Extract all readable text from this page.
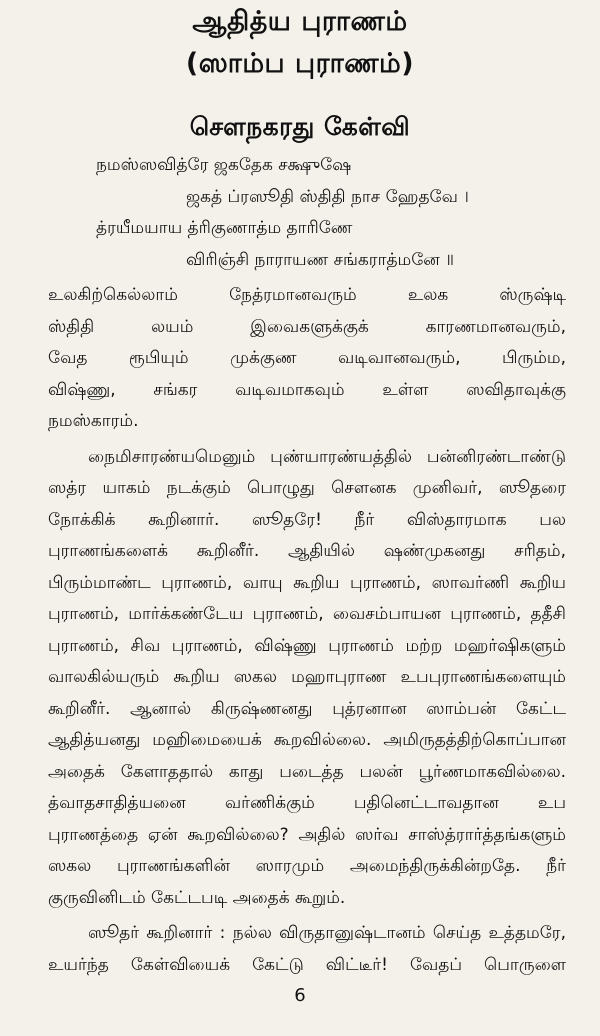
ஆதித்ய புராணம்
(ஸாம்ப புராணம்)
சௌநகரது கேள்வி
நமஸ்ஸவித்ரே ஜகதேக சக்ஷுஷே
ஜகத் ப்ரஸூதி ஸ்திதி நாச ஹேதவே ।
த்ரயீமயாய த்ரிகுணாத்ம தாரிணே
விரிஞ்சி நாராயண சங்கராத்மனே ॥
உலகிற்கெல்லாம் நேத்ரமானவரும் உலக ஸ்ருஷ்டி
ஸ்திதி லயம் இவைகளுக்குக் காரணமானவரும்,
வேத ரூபியும் முக்குண வடிவானவரும், பிரும்ம,
விஷ்ணு, சங்கர வடிவமாகவும் உள்ள ஸவிதாவுக்கு
நமஸ்காரம்.
நைமிசாரண்யமெனும் புண்யாரண்யத்தில் பன்னிரண்டாண்டு
ஸத்ர யாகம் நடக்கும் பொழுது சௌனக முனிவர், ஸூதரை
நோக்கிக் கூறினார். ஸூதரே! நீர் விஸ்தாரமாக பல
புராணங்களைக் கூறினீர். ஆதியில் ஷண்முகனது சரிதம்,
பிரும்மாண்ட புராணம், வாயு கூறிய புராணம், ஸாவர்ணி கூறிய
புராணம், மார்க்கண்டேய புராணம், வைசம்பாயன புராணம், ததீசி
புராணம், சிவ புராணம், விஷ்ணு புராணம் மற்ற மஹர்ஷிகளும்
வாலகில்யரும் கூறிய ஸகல மஹாபுராண உபபுராணங்களையும்
கூறினீர். ஆனால் கிருஷ்ணனது புத்ரனான ஸாம்பன் கேட்ட
ஆதித்யனது மஹிமையைக் கூறவில்லை. அமிருதத்திற்கொப்பான
அதைக் கேளாததால் காது படைத்த பலன் பூர்ணமாகவில்லை.
த்வாதசாதித்யனை வர்ணிக்கும் பதினெட்டாவதான உப
புராணத்தை ஏன் கூறவில்லை? அதில் ஸர்வ சாஸ்த்ரார்த்தங்களும்
ஸகல புராணங்களின் ஸாரமும் அமைந்திருக்கின்றதே. நீர்
குருவினிடம் கேட்டபடி அதைக் கூறும்.
ஸூதர் கூறினார் : நல்ல விருதானுஷ்டானம் செய்த உத்தமரே,
உயர்ந்த கேள்வியைக் கேட்டு விட்டீர்! வேதப் பொருளை
6
